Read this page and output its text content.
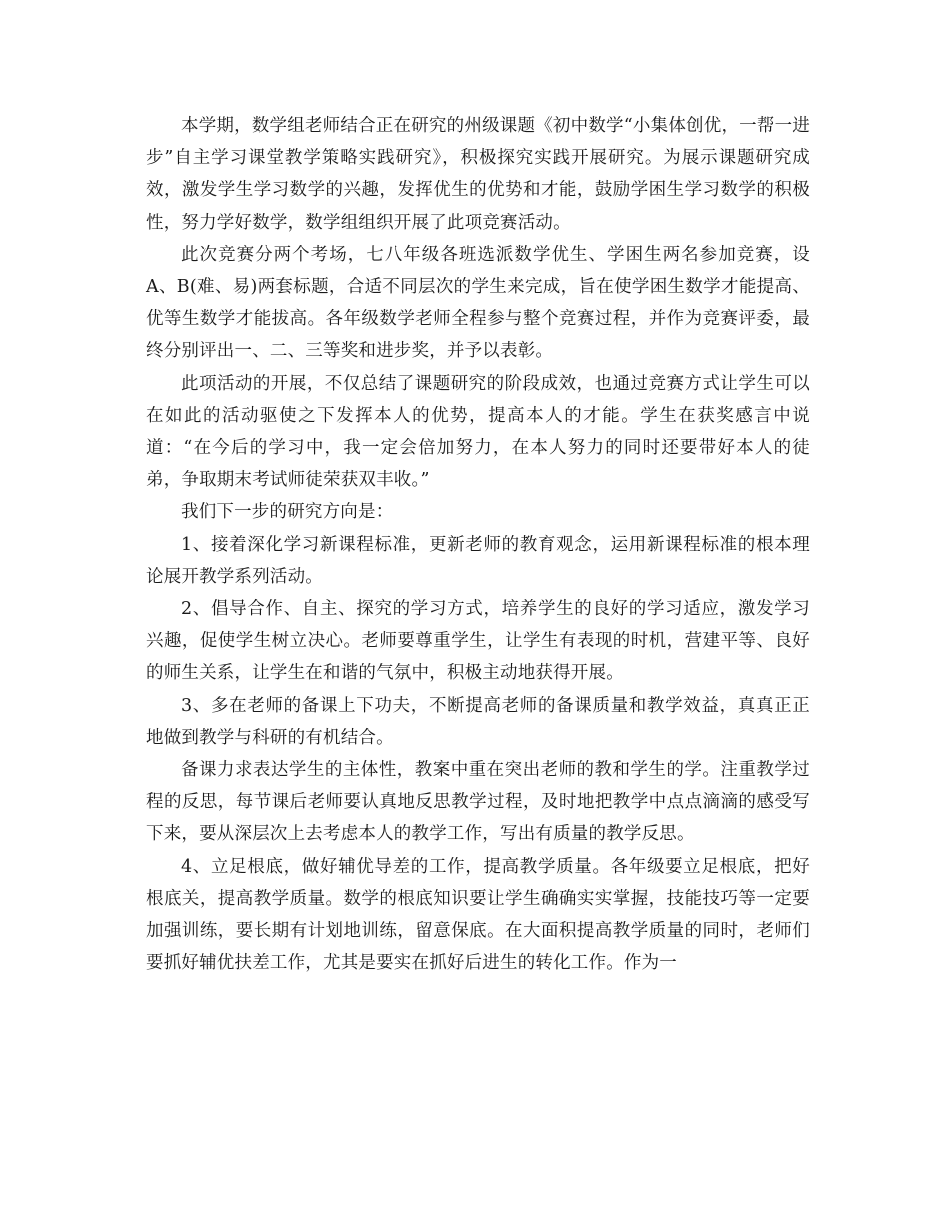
本学期，数学组老师结合正在研究的州级课题《初中数学“小集体创优，一帮一进步”自主学习课堂教学策略实践研究》，积极探究实践开展研究。为展示课题研究成效，激发学生学习数学的兴趣，发挥优生的优势和才能，鼓励学困生学习数学的积极性，努力学好数学，数学组组织开展了此项竞赛活动。

此次竞赛分两个考场，七八年级各班选派数学优生、学困生两名参加竞赛，设A、B(难、易)两套标题，合适不同层次的学生来完成，旨在使学困生数学才能提高、优等生数学才能拔高。各年级数学老师全程参与整个竞赛过程，并作为竞赛评委，最终分别评出一、二、三等奖和进步奖，并予以表彰。

此项活动的开展，不仅总结了课题研究的阶段成效，也通过竞赛方式让学生可以在如此的活动驱使之下发挥本人的优势，提高本人的才能。学生在获奖感言中说道：“在今后的学习中，我一定会倍加努力，在本人努力的同时还要带好本人的徒弟，争取期末考试师徒荣获双丰收。”

我们下一步的研究方向是：

1、接着深化学习新课程标准，更新老师的教育观念，运用新课程标准的根本理论展开教学系列活动。

2、倡导合作、自主、探究的学习方式，培养学生的良好的学习适应，激发学习兴趣，促使学生树立决心。老师要尊重学生，让学生有表现的时机，营建平等、良好的师生关系，让学生在和谐的气氛中，积极主动地获得开展。

3、多在老师的备课上下功夫，不断提高老师的备课质量和教学效益，真真正正地做到教学与科研的有机结合。

备课力求表达学生的主体性，教案中重在突出老师的教和学生的学。注重教学过程的反思，每节课后老师要认真地反思教学过程，及时地把教学中点点滴滴的感受写下来，要从深层次上去考虑本人的教学工作，写出有质量的教学反思。

4、立足根底，做好辅优导差的工作，提高教学质量。各年级要立足根底，把好根底关，提高教学质量。数学的根底知识要让学生确确实实掌握，技能技巧等一定要加强训练，要长期有计划地训练，留意保底。在大面积提高教学质量的同时，老师们要抓好辅优扶差工作，尤其是要实在抓好后进生的转化工作。作为一
